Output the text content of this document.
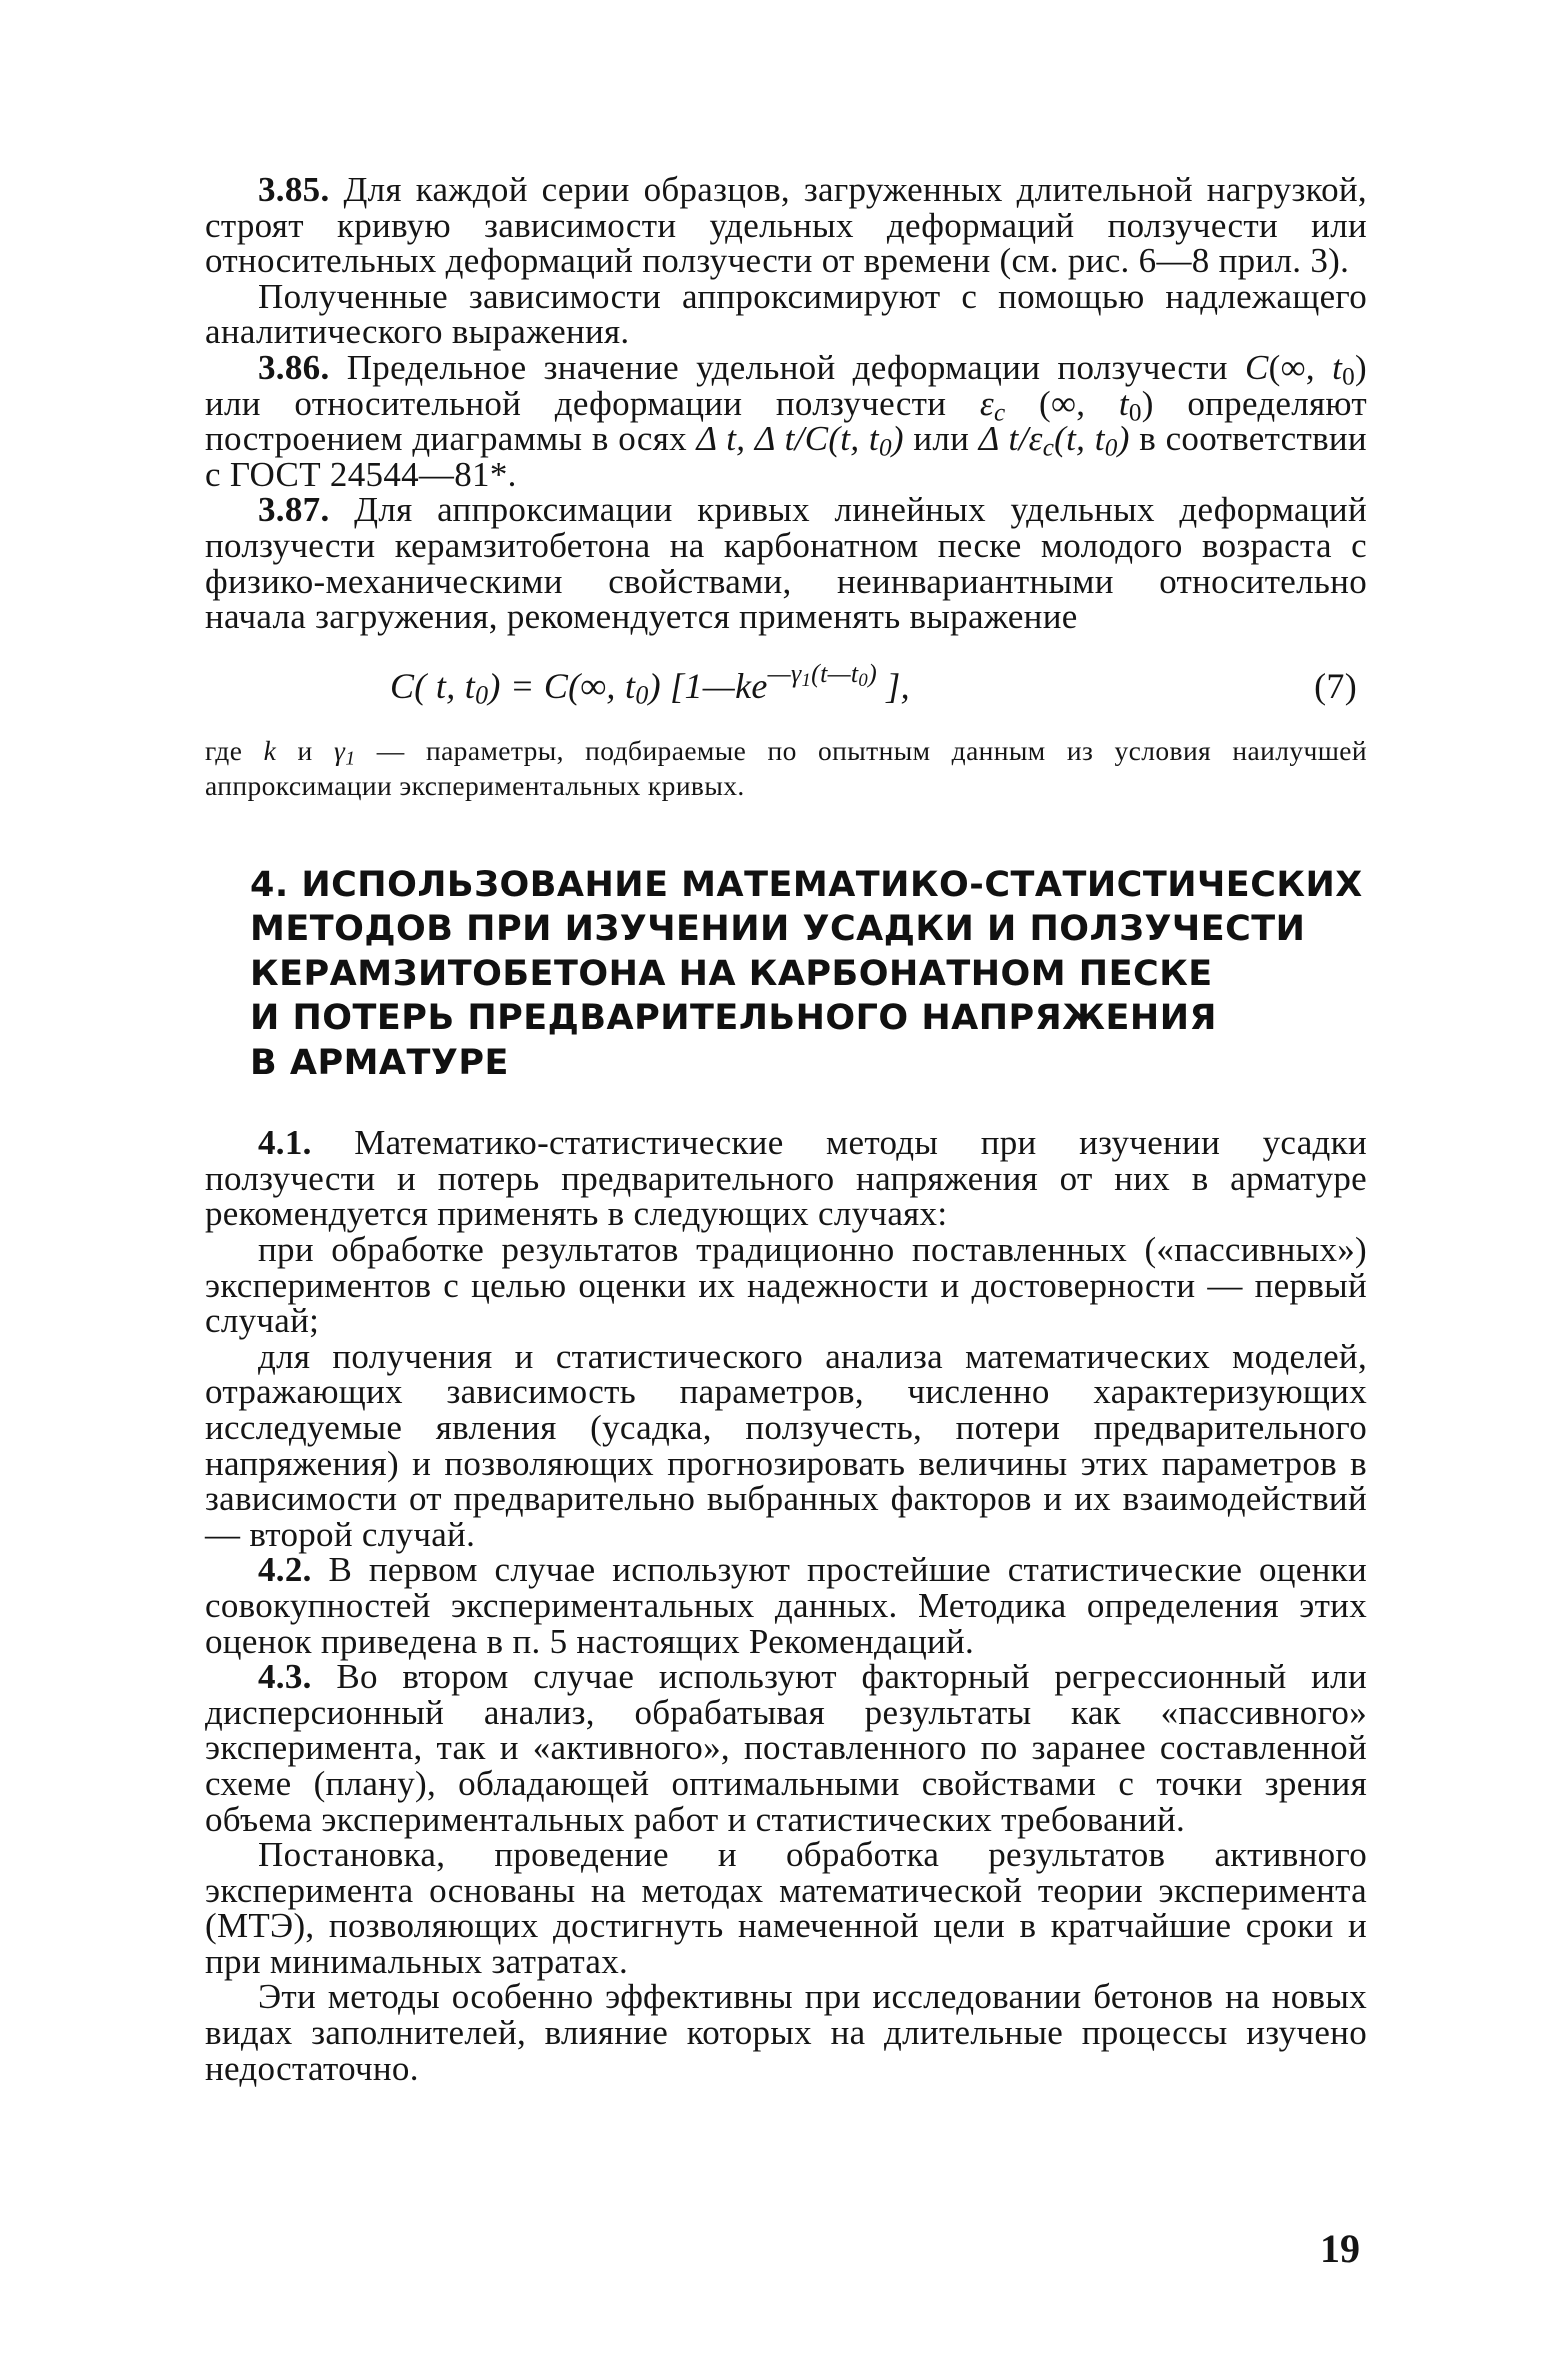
3.85. Для каждой серии образцов, загруженных длительной нагрузкой, строят кривую зависимости удельных деформаций ползучести или относительных деформаций ползучести от времени (см. рис. 6—8 прил. 3).

Полученные зависимости аппроксимируют с помощью надлежащего аналитического выражения.

3.86. Предельное значение удельной деформации ползучести C(∞, $t_0$) или относительной деформации ползучести $\varepsilon_c$ (∞, $t_0$) определяют построением диаграммы в осях Δ t, Δ t/C(t, $t_0$) или Δ $t/\varepsilon_c(t$, $t_0$) в соответствии с ГОСТ 24544—81*.

3.87. Для аппроксимации кривых линейных удельных деформаций ползучести керамзитобетона на карбонатном песке молодого возраста с физико-механическими свойствами, неинвариантными относительно начала загружения, рекомендуется применять выражение

C( t, $t_0) = C(\infty$, $t_0$) [$1—ke^{—\gamma_1(t—t_0)}$ ],	(7)

где k и $\gamma_1$ — параметры, подбираемые по опытным данным из условия наилучшей аппроксимации экспериментальных кривых.

4. ИСПОЛЬЗОВАНИЕ МАТЕМАТИКО-СТАТИСТИЧЕСКИХ
МЕТОДОВ ПРИ ИЗУЧЕНИИ УСАДКИ И ПОЛЗУЧЕСТИ
КЕРАМЗИТОБЕТОНА НА КАРБОНАТНОМ ПЕСКЕ
И ПОТЕРЬ ПРЕДВАРИТЕЛЬНОГО НАПРЯЖЕНИЯ
В АРМАТУРЕ

4.1. Математико-статистические методы при изучении усадки ползучести и потерь предварительного напряжения от них в арматуре рекомендуется применять в следующих случаях:

при обработке результатов традиционно поставленных («пассивных») экспериментов с целью оценки их надежности и достоверности — первый случай;

для получения и статистического анализа математических моделей, отражающих зависимость параметров, численно характеризующих исследуемые явления (усадка, ползучесть, потери предварительного напряжения) и позволяющих прогнозировать величины этих параметров в зависимости от предварительно выбранных факторов и их взаимодействий — второй случай.

4.2. В первом случае используют простейшие статистические оценки совокупностей экспериментальных данных. Методика определения этих оценок приведена в п. 5 настоящих Рекомендаций.

4.3. Во втором случае используют факторный регрессионный или дисперсионный анализ, обрабатывая результаты как «пассивного» эксперимента, так и «активного», поставленного по заранее составленной схеме (плану), обладающей оптимальными свойствами с точки зрения объема экспериментальных работ и статистических требований.

Постановка, проведение и обработка результатов активного эксперимента основаны на методах математической теории эксперимента (МТЭ), позволяющих достигнуть намеченной цели в кратчайшие сроки и при минимальных затратах.

Эти методы особенно эффективны при исследовании бетонов на новых видах заполнителей, влияние которых на длительные процессы изучено недостаточно.

19
